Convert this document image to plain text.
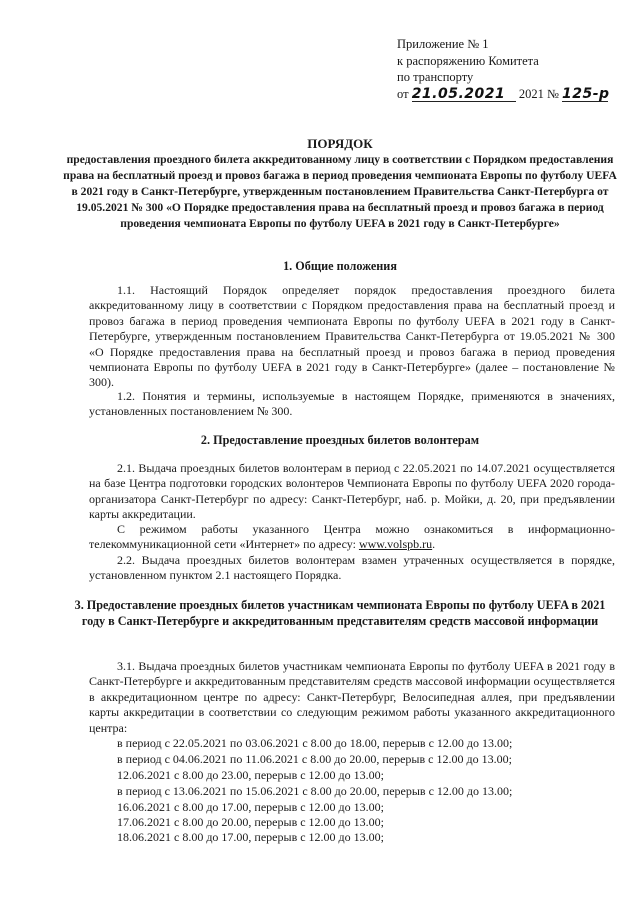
Приложение № 1
к распоряжению Комитета
по транспорту
от 21.05.2021 2021 № 125-р
ПОРЯДОК
предоставления проездного билета аккредитованному лицу в соответствии с Порядком предоставления права на бесплатный проезд и провоз багажа в период проведения чемпионата Европы по футболу UEFA в 2021 году в Санкт-Петербурге, утвержденным постановлением Правительства Санкт-Петербурга от 19.05.2021 № 300 «О Порядке предоставления права на бесплатный проезд и провоз багажа в период проведения чемпионата Европы по футболу UEFA в 2021 году в Санкт-Петербурге»
1. Общие положения
1.1. Настоящий Порядок определяет порядок предоставления проездного билета аккредитованному лицу в соответствии с Порядком предоставления права на бесплатный проезд и провоз багажа в период проведения чемпионата Европы по футболу UEFA в 2021 году в Санкт-Петербурге, утвержденным постановлением Правительства Санкт-Петербурга от 19.05.2021 № 300 «О Порядке предоставления права на бесплатный проезд и провоз багажа в период проведения чемпионата Европы по футболу UEFA в 2021 году в Санкт-Петербурге» (далее – постановление № 300).
1.2. Понятия и термины, используемые в настоящем Порядке, применяются в значениях, установленных постановлением № 300.
2. Предоставление проездных билетов волонтерам
2.1. Выдача проездных билетов волонтерам в период с 22.05.2021 по 14.07.2021 осуществляется на базе Центра подготовки городских волонтеров Чемпионата Европы по футболу UEFA 2020 города-организатора Санкт-Петербург по адресу: Санкт-Петербург, наб. р. Мойки, д. 20, при предъявлении карты аккредитации.
С режимом работы указанного Центра можно ознакомиться в информационно-телекоммуникационной сети «Интернет» по адресу: www.volspb.ru.
2.2. Выдача проездных билетов волонтерам взамен утраченных осуществляется в порядке, установленном пунктом 2.1 настоящего Порядка.
3. Предоставление проездных билетов участникам чемпионата Европы по футболу UEFA в 2021 году в Санкт-Петербурге и аккредитованным представителям средств массовой информации
3.1. Выдача проездных билетов участникам чемпионата Европы по футболу UEFA в 2021 году в Санкт-Петербурге и аккредитованным представителям средств массовой информации осуществляется в аккредитационном центре по адресу: Санкт-Петербург, Велосипедная аллея, при предъявлении карты аккредитации в соответствии со следующим режимом работы указанного аккредитационного центра:
в период с 22.05.2021 по 03.06.2021 с 8.00 до 18.00, перерыв с 12.00 до 13.00;
в период с 04.06.2021 по 11.06.2021 с 8.00 до 20.00, перерыв с 12.00 до 13.00;
12.06.2021 с 8.00 до 23.00, перерыв с 12.00 до 13.00;
в период с 13.06.2021 по 15.06.2021 с 8.00 до 20.00, перерыв с 12.00 до 13.00;
16.06.2021 с 8.00 до 17.00, перерыв с 12.00 до 13.00;
17.06.2021 с 8.00 до 20.00, перерыв с 12.00 до 13.00;
18.06.2021 с 8.00 до 17.00, перерыв с 12.00 до 13.00;
